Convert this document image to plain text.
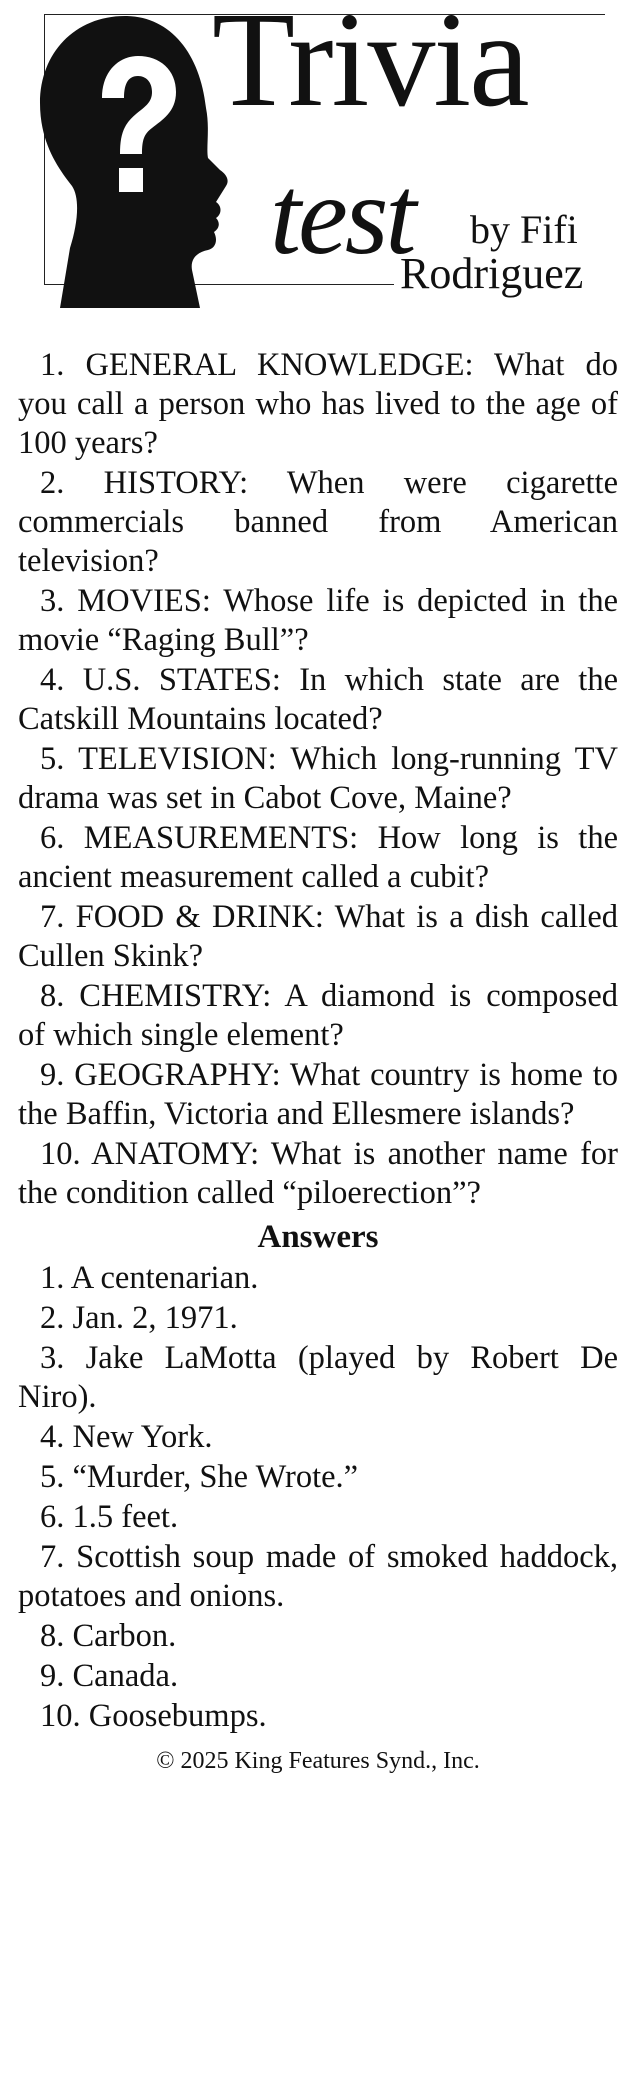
Trivia
test by Fifi
Rodriguez

1. GENERAL KNOWLEDGE: What do you call a person who has lived to the age of 100 years?

2. HISTORY: When were cigarette commercials banned from American television?

3. MOVIES: Whose life is depicted in the movie “Raging Bull”?

4. U.S. STATES: In which state are the Catskill Mountains located?

5. TELEVISION: Which long-running TV drama was set in Cabot Cove, Maine?

6. MEASUREMENTS: How long is the ancient measurement called a cubit?

7. FOOD & DRINK: What is a dish called Cullen Skink?

8. CHEMISTRY: A diamond is composed of which single element?

9. GEOGRAPHY: What country is home to the Baffin, Victoria and Ellesmere islands?

10. ANATOMY: What is another name for the condition called “piloerection”?

Answers

1. A centenarian.

2. Jan. 2, 1971.

3. Jake LaMotta (played by Robert De Niro).

4. New York.

5. “Murder, She Wrote.”

6. 1.5 feet.

7. Scottish soup made of smoked haddock, potatoes and onions.

8. Carbon.

9. Canada.

10. Goosebumps.

© 2025 King Features Synd., Inc.
